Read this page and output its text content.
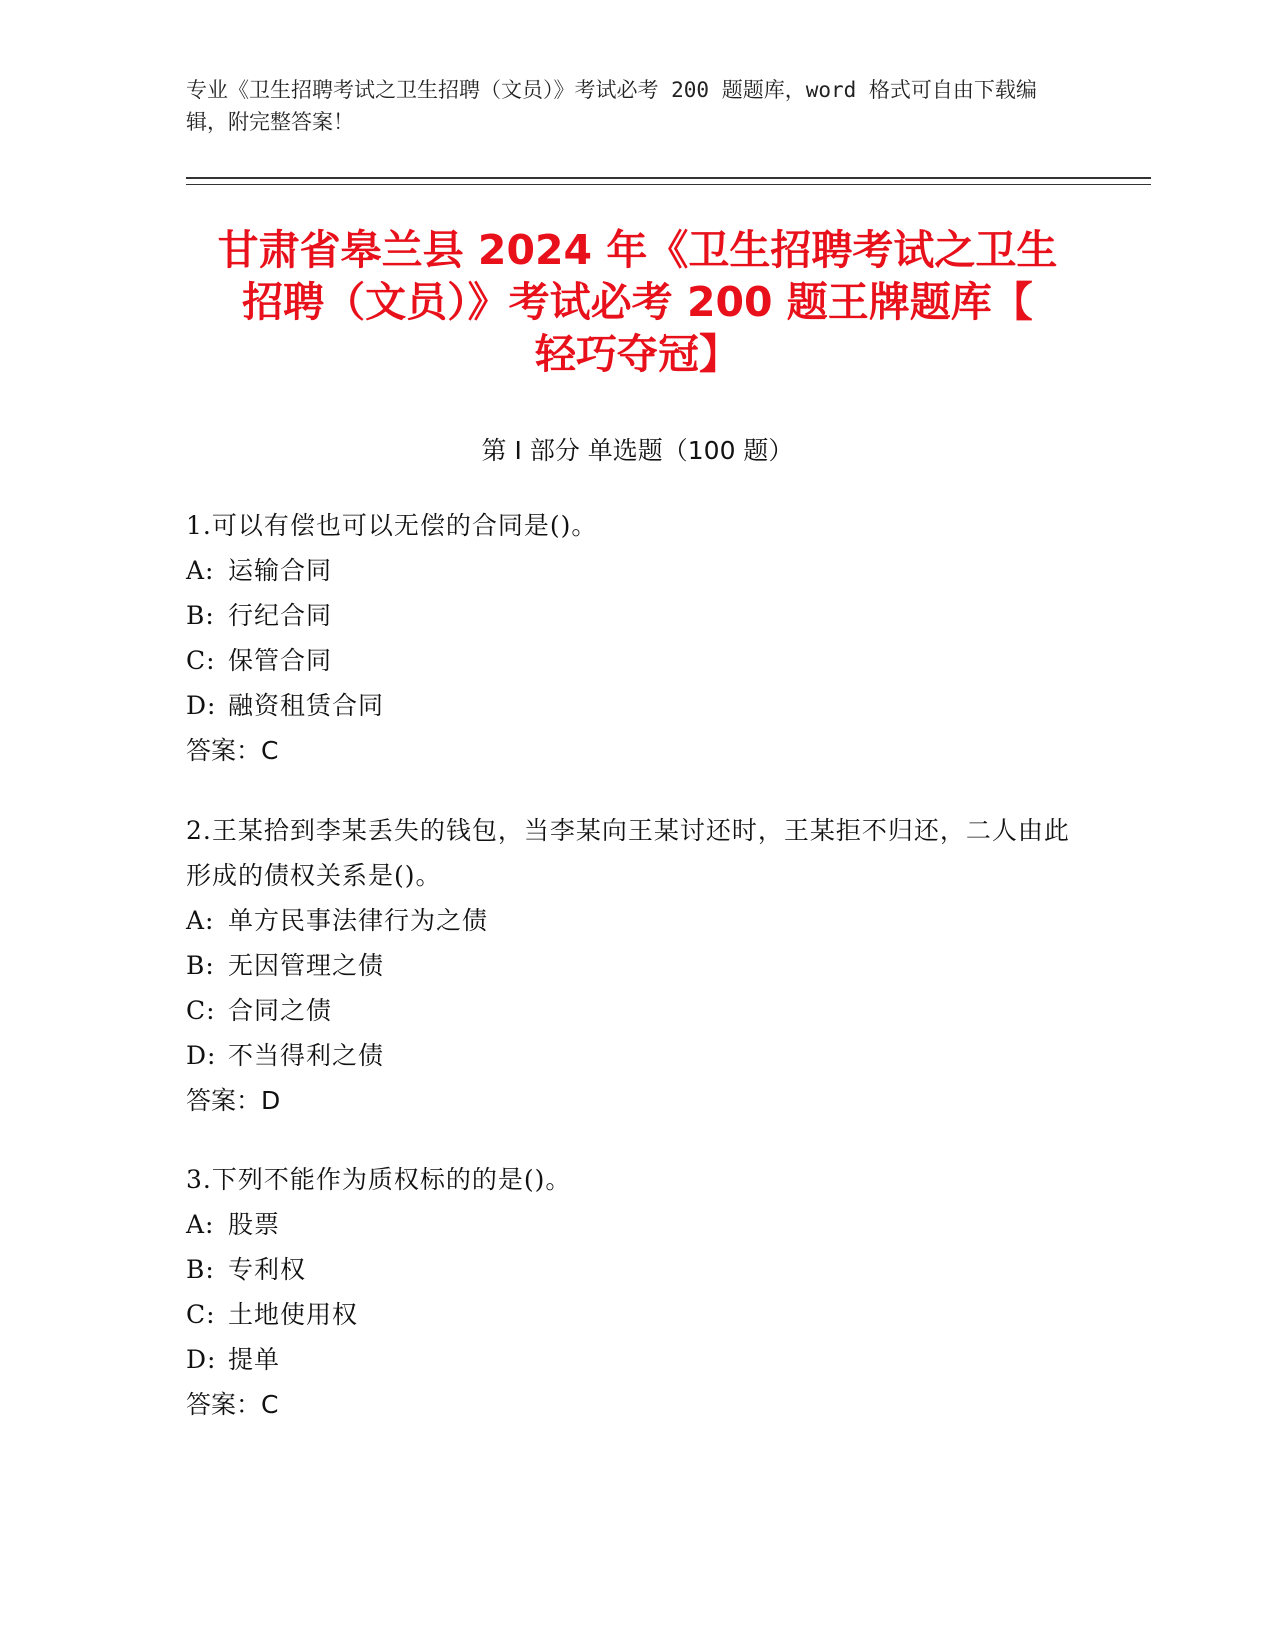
专业《卫生招聘考试之卫生招聘（文员）》考试必考 200 题题库，word 格式可自由下载编辑，附完整答案！
甘肃省皋兰县 2024 年《卫生招聘考试之卫生
招聘（文员）》考试必考 200 题王牌题库【
轻巧夺冠】
第 I 部分 单选题（100 题）
1.可以有偿也可以无偿的合同是()。
A: 运输合同
B: 行纪合同
C: 保管合同
D: 融资租赁合同
答案：C
2.王某拾到李某丢失的钱包，当李某向王某讨还时，王某拒不归还，二人由此形成的债权关系是()。
A: 单方民事法律行为之债
B: 无因管理之债
C: 合同之债
D: 不当得利之债
答案：D
3.下列不能作为质权标的的是()。
A: 股票
B: 专利权
C: 土地使用权
D: 提单
答案：C
